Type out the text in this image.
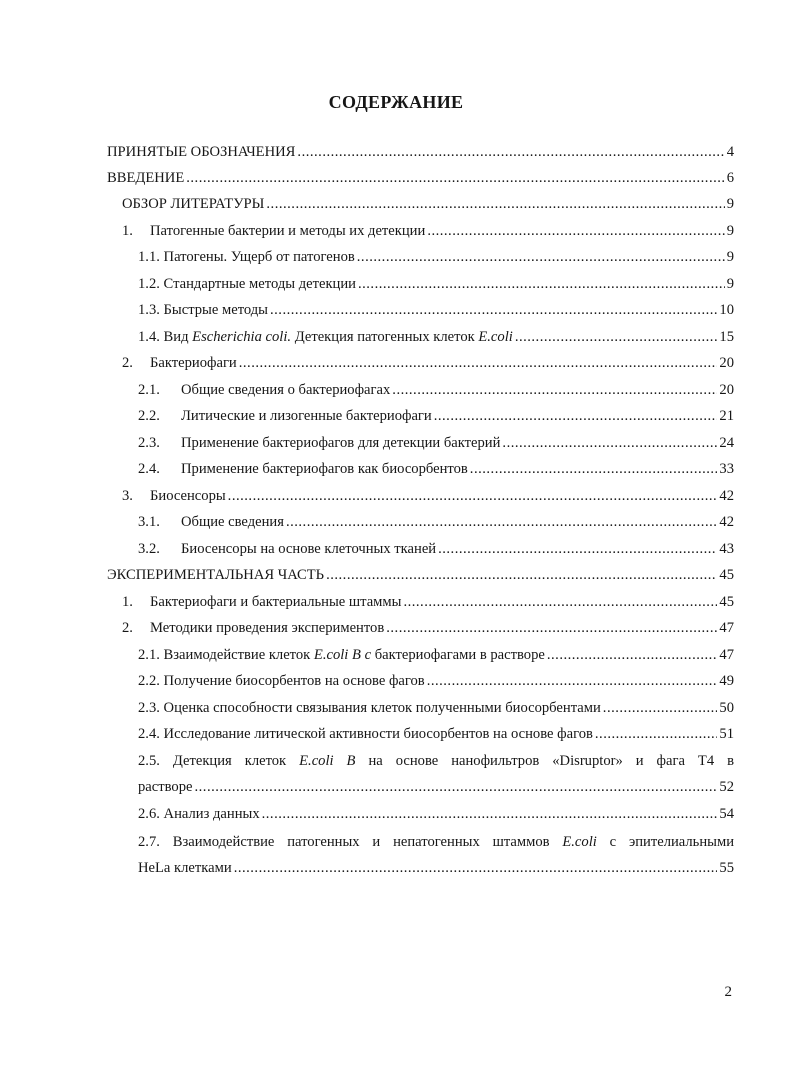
СОДЕРЖАНИЕ
ПРИНЯТЫЕ ОБОЗНАЧЕНИЯ .....	4
ВВЕДЕНИЕ .....	6
ОБЗОР ЛИТЕРАТУРЫ .....	9
1. Патогенные бактерии и методы их детекции .....	9
1.1. Патогены. Ущерб от патогенов .....	9
1.2. Стандартные методы детекции .....	9
1.3. Быстрые методы .....	10
1.4. Вид Escherichia coli. Детекция патогенных клеток E.coli .....	15
2. Бактериофаги .....	20
2.1. Общие сведения о бактериофагах .....	20
2.2. Литические и лизогенные бактериофаги .....	21
2.3. Применение бактериофагов для детекции бактерий .....	24
2.4. Применение бактериофагов как биосорбентов .....	33
3. Биосенсоры .....	42
3.1. Общие сведения .....	42
3.2. Биосенсоры на основе клеточных тканей .....	43
ЭКСПЕРИМЕНТАЛЬНАЯ ЧАСТЬ .....	45
1. Бактериофаги и бактериальные штаммы .....	45
2. Методики проведения экспериментов .....	47
2.1. Взаимодействие клеток E.coli B c бактериофагами в растворе .....	47
2.2. Получение биосорбентов на основе фагов .....	49
2.3. Оценка способности связывания клеток полученными биосорбентами .....	50
2.4. Исследование литической активности биосорбентов на основе фагов .....	51
2.5. Детекция клеток E.coli B на основе нанофильтров «Disruptor» и фага Т4 в
растворе .....	52
2.6. Анализ данных .....	54
2.7. Взаимодействие патогенных и непатогенных штаммов E.coli с эпителиальными
HeLa клетками .....	55
2
